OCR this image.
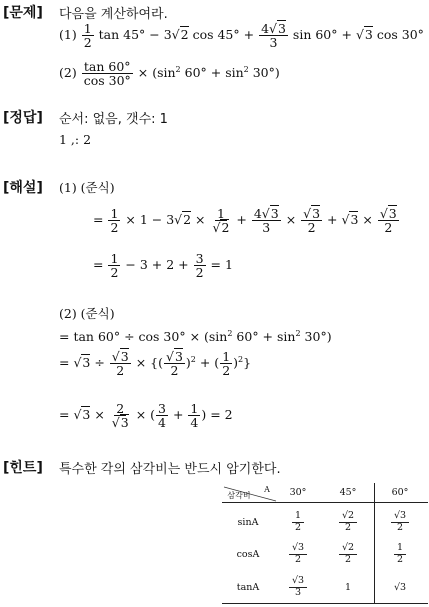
[문제] 다음을 계산하여라.
$(1) \frac{1}{2}$ tan 45° − 3√ 2 $\cos 45^\circ + \frac{4√ 3}{3}$ sin 60° + √ 3 cos 30°
$(2) \frac{\tan 60^\circ}{\cos 30^\circ} \times (\sin^2$ $60^\circ + \sin^2 30^\circ$)
[정답] 순서: 없음, 갯수: 1
1 ,: 2
[해설] (1) (준식)
= $\frac{1}{2} \times 1 - 3√$ 2 × 1
√ $2 + \frac{4√ 3}{3}$ ×
√ $\frac{3}{2}$ + √ 3 ×
√ $\frac{3}{2}$
= $\frac{1}{2} - 3 + 2 + \frac{3}{2} = 1$
(2) (준식)
= $\tan 60^\circ \div \cos 30^\circ \times (\sin^2$ $60^\circ + \sin^2 30^\circ$)
= √ 3 ÷
√ $\frac{3}{2}$ × {(
√ $\frac{3}{2} )^2$ + ( $\frac{1}{2} )^2$}
= √ 3 × 2
√ 3 × ( $\frac{3}{4} + \frac{1}{4}$ ) = 2
[힌트] 특수한 각의 삼각비는 반드시 암기한다.
A
삼각비	30°	45°	60°
sinA
1
2
√2
2
√3
2
cosA
√3
2
√2
2
1
2
tanA
√3
3	1	√3
